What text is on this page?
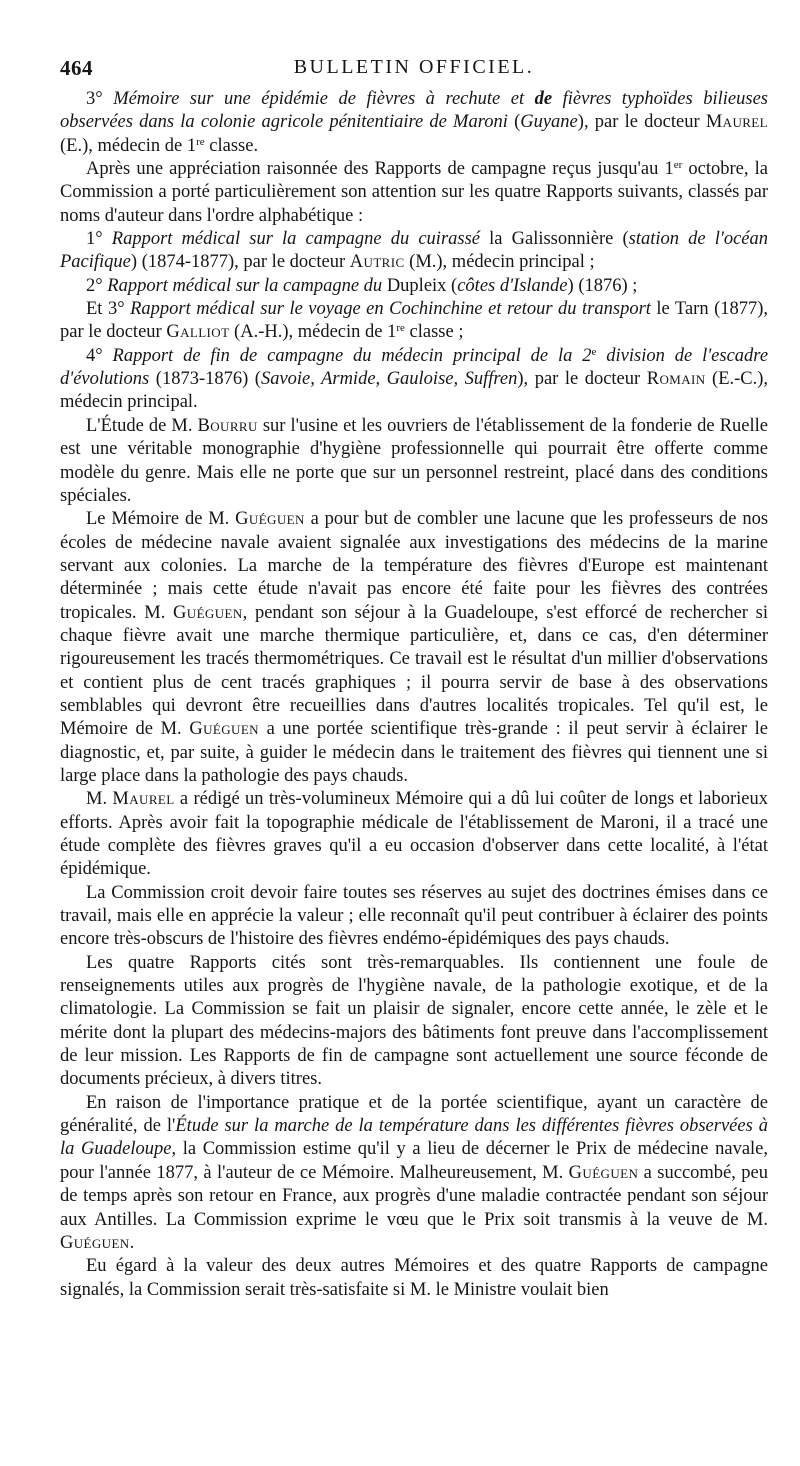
464	BULLETIN OFFICIEL.

3° Mémoire sur une épidémie de fièvres à rechute et de fièvres typhoïdes bilieuses observées dans la colonie agricole pénitentiaire de Maroni (Guyane), par le docteur Maurel (E.), médecin de 1re classe.

Après une appréciation raisonnée des Rapports de campagne reçus jusqu'au 1er octobre, la Commission a porté particulièrement son attention sur les quatre Rapports suivants, classés par noms d'auteur dans l'ordre alphabétique :

1° Rapport médical sur la campagne du cuirassé la Galissonnière (station de l'océan Pacifique) (1874-1877), par le docteur Autric (M.), médecin principal ;

2° Rapport médical sur la campagne du Dupleix (côtes d'Islande) (1876) ;

Et 3° Rapport médical sur le voyage en Cochinchine et retour du transport le Tarn (1877), par le docteur Galliot (A.-H.), médecin de 1re classe ;

4° Rapport de fin de campagne du médecin principal de la 2e division de l'escadre d'évolutions (1873-1876) (Savoie, Armide, Gauloise, Suffren), par le docteur Romain (E.-C.), médecin principal.

L'Étude de M. Bourru sur l'usine et les ouvriers de l'établissement de la fonderie de Ruelle est une véritable monographie d'hygiène professionnelle qui pourrait être offerte comme modèle du genre. Mais elle ne porte que sur un personnel restreint, placé dans des conditions spéciales.

Le Mémoire de M. Guéguen a pour but de combler une lacune que les professeurs de nos écoles de médecine navale avaient signalée aux investigations des médecins de la marine servant aux colonies. La marche de la température des fièvres d'Europe est maintenant déterminée ; mais cette étude n'avait pas encore été faite pour les fièvres des contrées tropicales. M. Guéguen, pendant son séjour à la Guadeloupe, s'est efforcé de rechercher si chaque fièvre avait une marche thermique particulière, et, dans ce cas, d'en déterminer rigoureusement les tracés thermométriques. Ce travail est le résultat d'un millier d'observations et contient plus de cent tracés graphiques ; il pourra servir de base à des observations semblables qui devront être recueillies dans d'autres localités tropicales. Tel qu'il est, le Mémoire de M. Guéguen a une portée scientifique très-grande : il peut servir à éclairer le diagnostic, et, par suite, à guider le médecin dans le traitement des fièvres qui tiennent une si large place dans la pathologie des pays chauds.

M. Maurel a rédigé un très-volumineux Mémoire qui a dû lui coûter de longs et laborieux efforts. Après avoir fait la topographie médicale de l'établissement de Maroni, il a tracé une étude complète des fièvres graves qu'il a eu occasion d'observer dans cette localité, à l'état épidémique.

La Commission croit devoir faire toutes ses réserves au sujet des doctrines émises dans ce travail, mais elle en apprécie la valeur ; elle reconnaît qu'il peut contribuer à éclairer des points encore très-obscurs de l'histoire des fièvres endémo-épidémiques des pays chauds.

Les quatre Rapports cités sont très-remarquables. Ils contiennent une foule de renseignements utiles aux progrès de l'hygiène navale, de la pathologie exotique, et de la climatologie. La Commission se fait un plaisir de signaler, encore cette année, le zèle et le mérite dont la plupart des médecins-majors des bâtiments font preuve dans l'accomplissement de leur mission. Les Rapports de fin de campagne sont actuellement une source féconde de documents précieux, à divers titres.

En raison de l'importance pratique et de la portée scientifique, ayant un caractère de généralité, de l'Étude sur la marche de la température dans les différentes fièvres observées à la Guadeloupe, la Commission estime qu'il y a lieu de décerner le Prix de médecine navale, pour l'année 1877, à l'auteur de ce Mémoire. Malheureusement, M. Guéguen a succombé, peu de temps après son retour en France, aux progrès d'une maladie contractée pendant son séjour aux Antilles. La Commission exprime le vœu que le Prix soit transmis à la veuve de M. Guéguen.

Eu égard à la valeur des deux autres Mémoires et des quatre Rapports de campagne signalés, la Commission serait très-satisfaite si M. le Ministre voulait bien
